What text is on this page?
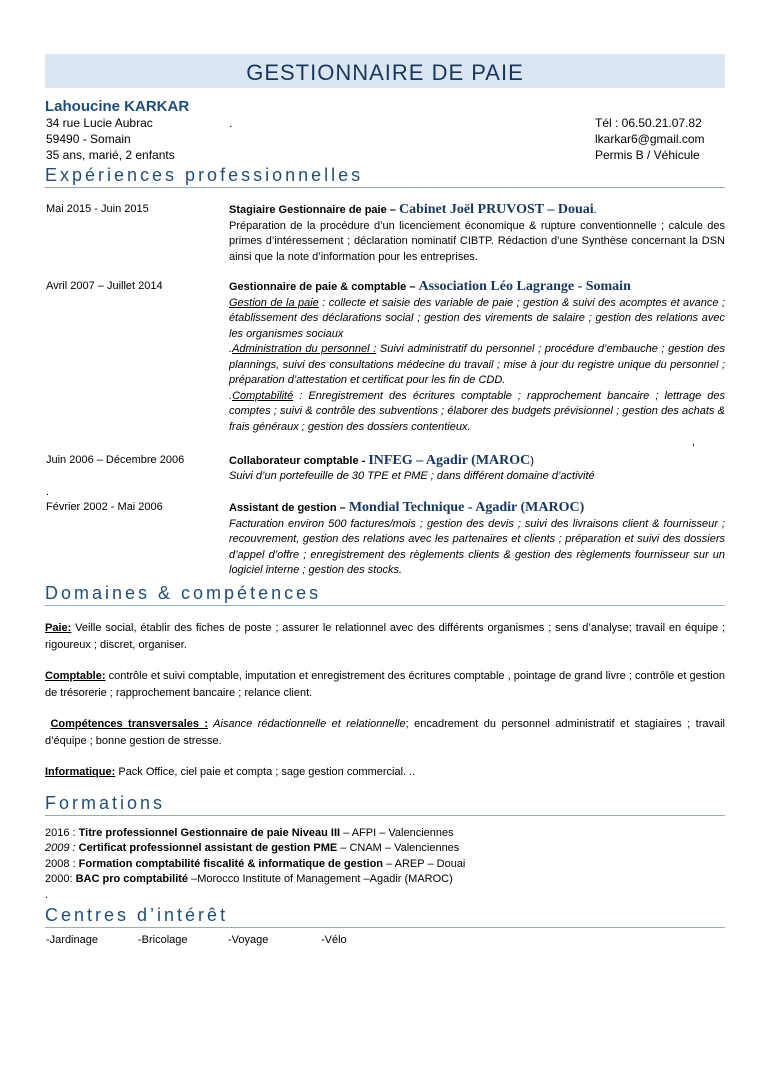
GESTIONNAIRE DE PAIE
Lahoucine KARKAR
34 rue Lucie Aubrac
59490 - Somain
35 ans, marié, 2 enfants
.	Tél : 06.50.21.07.82
lkarkar6@gmail.com
Permis B / Véhicule
Expériences professionnelles
Mai 2015 - Juin 2015	Stagiaire Gestionnaire de paie – Cabinet Joël PRUVOST – Douai.
Préparation de la procédure d’un licenciement économique & rupture conventionnelle ; calcule des primes d’intéressement ; déclaration nominatif CIBTP. Rédaction d’une Synthèse concernant la DSN ainsi que la note d’information pour les entreprises.
Avril 2007 – Juillet 2014	Gestionnaire de paie & comptable – Association Léo Lagrange - Somain
Gestion de la paie : collecte et saisie des variable de paie ; gestion & suivi des acomptes et avance ; établissement des déclarations social ; gestion des virements de salaire ; gestion des relations avec les organismes sociaux
.Administration du personnel : Suivi administratif du personnel ; procédure d’embauche ; gestion des plannings, suivi des consultations médecine du travail ; mise à jour du registre unique du personnel ; préparation d’attestation et certificat pour les fin de CDD.
.Comptabilité : Enregistrement des écritures comptable ; rapprochement bancaire ; lettrage des comptes ; suivi & contrôle des subventions ; élaborer des budgets prévisionnel ; gestion des achats & frais généraux ; gestion des dossiers contentieux.
,
Juin 2006 – Décembre 2006	Collaborateur comptable - INFEG – Agadir (MAROC)
Suivi d’un portefeuille de 30 TPE et PME ; dans différent domaine d’activité
.
Février 2002 - Mai 2006	Assistant de gestion – Mondial Technique - Agadir (MAROC)
Facturation environ 500 factures/mois ; gestion des devis ; suivi des livraisons client & fournisseur ; recouvrement, gestion des relations avec les partenaires et clients ; préparation et suivi des dossiers d’appel d’offre ; enregistrement des règlements clients & gestion des règlements fournisseur sur un logiciel interne ; gestion des stocks.
Domaines & compétences
Paie: Veille social, établir des fiches de poste ; assurer le relationnel avec des différents organismes ; sens d’analyse; travail en équipe ; rigoureux ; discret, organiser.
Comptable: contrôle et suivi comptable, imputation et enregistrement des écritures comptable , pointage de grand livre ; contrôle et gestion de trésorerie ; rapprochement bancaire ; relance client.
Compétences transversales : Aisance rédactionnelle et relationnelle; encadrement du personnel administratif et stagiaires ; travail d’équipe ; bonne gestion de stresse.
Informatique: Pack Office, ciel paie et compta ; sage gestion commercial. ..
Formations
2016 : Titre professionnel Gestionnaire de paie Niveau III – AFPI – Valenciennes
2009 : Certificat professionnel assistant de gestion PME – CNAM – Valenciennes
2008 : Formation comptabilité fiscalité & informatique de gestion – AREP – Douai
2000: BAC pro comptabilité –Morocco Institute of Management –Agadir (MAROC)
.
Centres d’intérêt
-Jardinage	-Bricolage	-Voyage	-Vélo
